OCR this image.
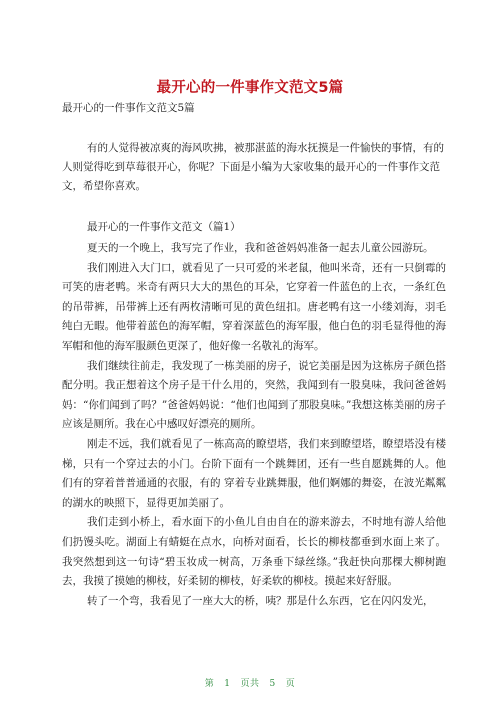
最开心的一件事作文范文5篇
最开心的一件事作文范文5篇

有的人觉得被凉爽的海风吹拂，被那湛蓝的海水抚摸是一件愉快的事情，有的人则觉得吃到草莓很开心，你呢？下面是小编为大家收集的最开心的一件事作文范文，希望你喜欢。

最开心的一件事作文范文（篇1）

夏天的一个晚上，我写完了作业，我和爸爸妈妈准备一起去儿童公园游玩。

我们刚进入大门口，就看见了一只可爱的米老鼠，他叫米奇，还有一只倒霉的可笑的唐老鸭。米奇有两只大大的黑色的耳朵，它穿着一件蓝色的上衣，一条红色的吊带裤，吊带裤上还有两枚清晰可见的黄色纽扣。唐老鸭有这一小缕刘海，羽毛纯白无暇。他带着蓝色的海军帽，穿着深蓝色的海军服，他白色的羽毛显得他的海军帽和他的海军服颜色更深了，他好像一名敬礼的海军。

我们继续往前走，我发现了一栋美丽的房子，说它美丽是因为这栋房子颜色搭配分明。我正想着这个房子是干什么用的，突然，我闻到有一股臭味，我问爸爸妈妈：“你们闻到了吗？”爸爸妈妈说：“他们也闻到了那股臭味。”我想这栋美丽的房子应该是厕所。我在心中感叹好漂亮的厕所。

刚走不远，我们就看见了一栋高高的瞭望塔，我们来到瞭望塔，瞭望塔没有楼梯，只有一个穿过去的小门。台阶下面有一个跳舞团，还有一些自愿跳舞的人。他们有的穿着普普通通的衣服，有的 穿着专业跳舞服，他们婀娜的舞姿，在波光粼粼的湖水的映照下，显得更加美丽了。

我们走到小桥上，看水面下的小鱼儿自由自在的游来游去，不时地有游人给他们扔馒头吃。湖面上有蜻蜓在点水，向桥对面看，长长的柳枝都垂到水面上来了。我突然想到这一句诗“碧玉妆成一树高，万条垂下绿丝绦。”我赶快向那棵大柳树跑去，我摸了摸她的柳枝，好柔韧的柳枝，好柔软的柳枝。摸起来好舒服。

转了一个弯，我看见了一座大大的桥，咦？那是什么东西，它在闪闪发光，

第 1 页共 5 页
